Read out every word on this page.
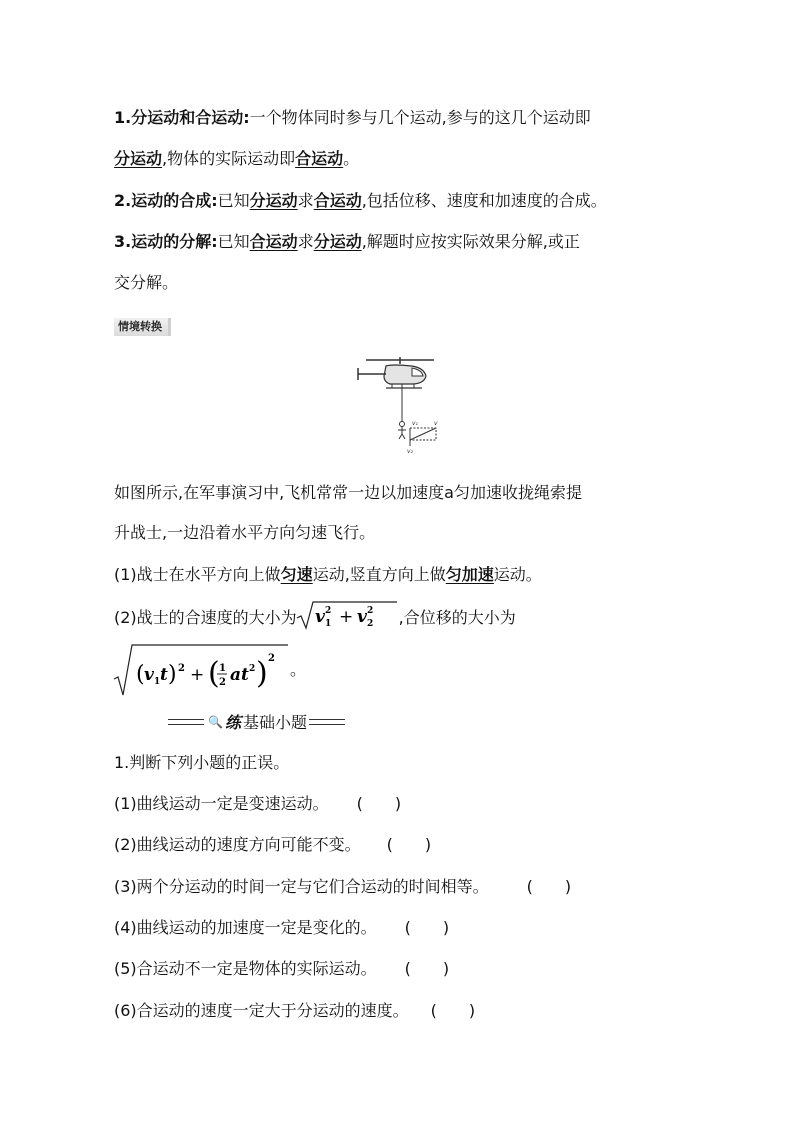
1.分运动和合运动:一个物体同时参与几个运动,参与的这几个运动即
分运动,物体的实际运动即合运动。
2.运动的合成:已知分运动求合运动,包括位移、速度和加速度的合成。
3.运动的分解:已知合运动求分运动,解题时应按实际效果分解,或正
交分解。
情境转换
v₁	v
v₂
如图所示,在军事演习中,飞机常常一边以加速度a匀加速收拢绳索提
升战士,一边沿着水平方向匀速飞行。
(1)战士在水平方向上做匀速运动,竖直方向上做匀加速运动。
(2)战士的合速度的大小为 v 1
2 + v 2
2 ,合位移的大小为
( v 1 t ) 2 + ( 1
2 at 2 ) 2
。
🔍 练 基础小题
1.判断下列小题的正误。
(1)曲线运动一定是变速运动。 (　　)
(2)曲线运动的速度方向可能不变。 (　　)
(3)两个分运动的时间一定与它们合运动的时间相等。 (　　)
(4)曲线运动的加速度一定是变化的。 (　　)
(5)合运动不一定是物体的实际运动。 (　　)
(6)合运动的速度一定大于分运动的速度。 (　　)
